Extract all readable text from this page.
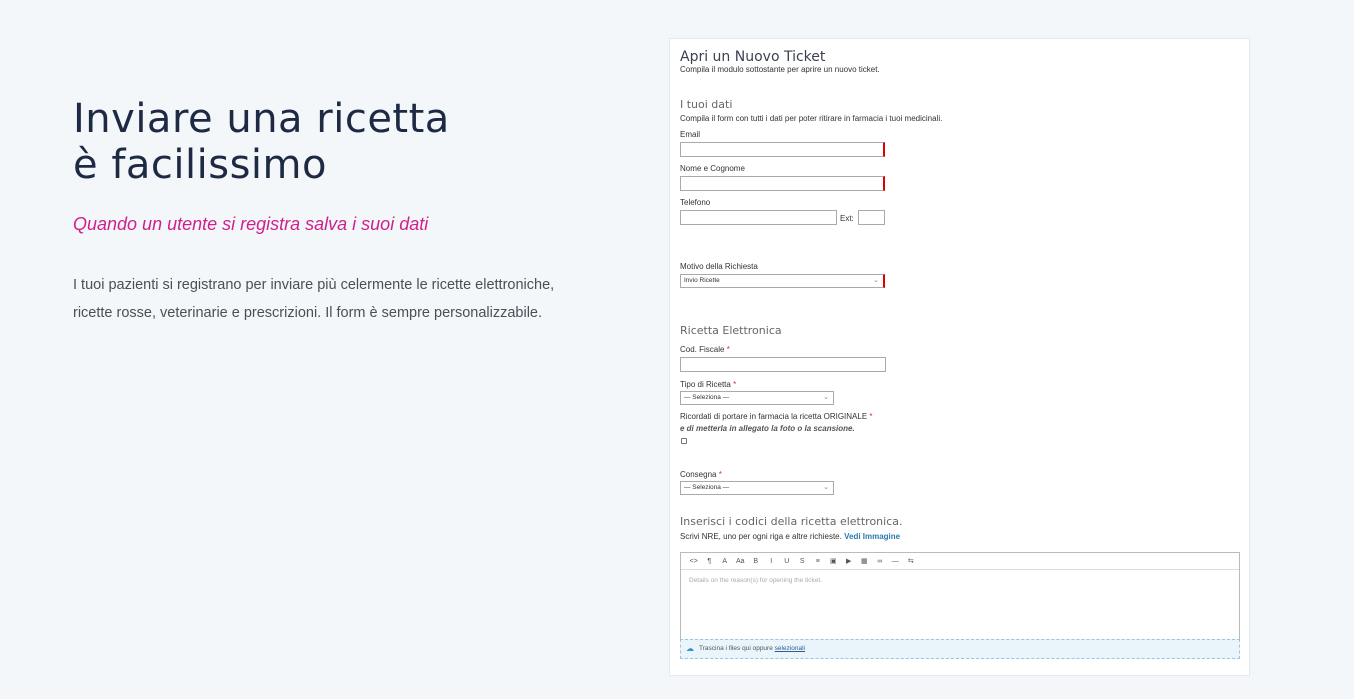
Inviare una ricetta
è facilissimo
Quando un utente si registra salva i suoi dati
I tuoi pazienti si registrano per inviare più celermente le ricette elettroniche,
ricette rosse, veterinarie e prescrizioni. Il form è sempre personalizzabile.
Apri un Nuovo Ticket
Compila il modulo sottostante per aprire un nuovo ticket.
I tuoi dati
Compila il form con tutti i dati per poter ritirare in farmacia i tuoi medicinali.
Email
Nome e Cognome
Telefono
Ext:
Motivo della Richiesta
Invio Ricette	⌄
Ricetta Elettronica
Cod. Fiscale *
Tipo di Ricetta *
— Seleziona —	⌄
Ricordati di portare in farmacia la ricetta ORIGINALE *
e di metterla in allegato la foto o la scansione.
Consegna *
— Seleziona —	⌄
Inserisci i codici della ricetta elettronica.
Scrivi NRE, uno per ogni riga e altre richieste. Vedi Immagine
<>	¶	A	Aa	B	I	U	S	≡	▣	▶	▦	∞	—	⇆
Details on the reason(s) for opening the ticket.
☁ Trascina i files qui oppure selezionali
